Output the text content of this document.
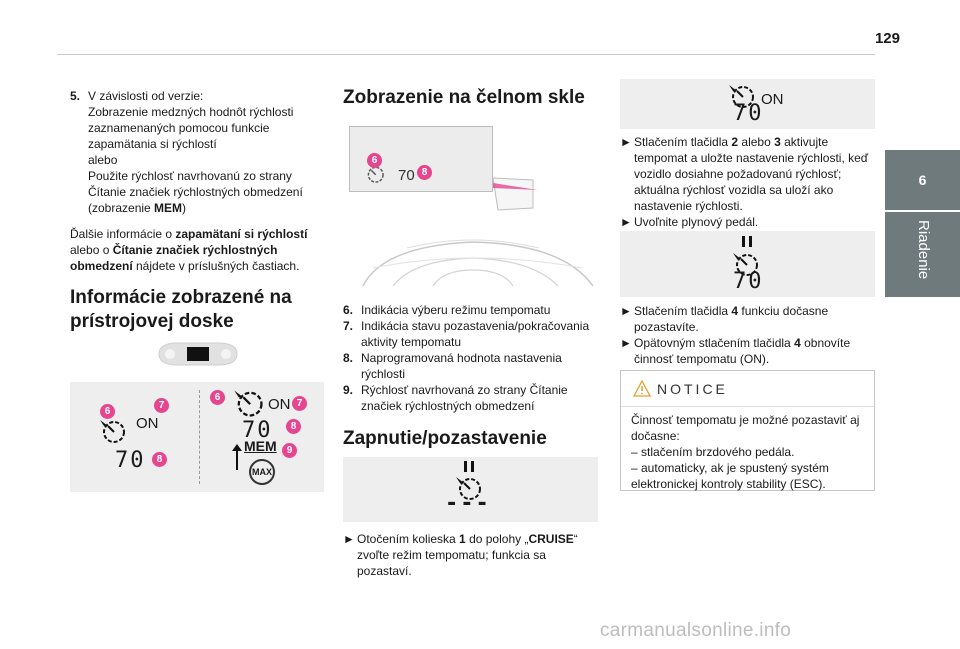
129
6
Riadenie
5. V závislosti od verzie:
Zobrazenie medzných hodnôt rýchlosti
zaznamenaných pomocou funkcie
zapamätania si rýchlostí
alebo
Použite rýchlosť navrhovanú zo strany
Čítanie značiek rýchlostných obmedzení
(zobrazenie MEM)

Ďalšie informácie o zapamätaní si rýchlostí alebo o Čítanie značiek rýchlostných obmedzení nájdete v príslušných častiach.

Informácie zobrazené na prístrojovej doske
ON
70
6
7
8
ON
70
MEM
MAX
6
7
8
9
Zobrazenie na čelnom skle
70
6
8
6. Indikácia výberu režimu tempomatu
7. Indikácia stavu pozastavenia/pokračovania aktivity tempomatu
8. Naprogramovaná hodnota nastavenia rýchlosti
9. Rýchlosť navrhovaná zo strany Čítanie značiek rýchlostných obmedzení
Zapnutie/pozastavenie
---
► Otočením kolieska 1 do polohy „CRUISE“ zvoľte režim tempomatu; funkcia sa pozastaví.
ON
70
► Stlačením tlačidla 2 alebo 3 aktivujte tempomat a uložte nastavenie rýchlosti, keď vozidlo dosiahne požadovanú rýchlosť; aktuálna rýchlosť vozidla sa uloží ako nastavenie rýchlosti.
► Uvoľnite plynový pedál.
70
► Stlačením tlačidla 4 funkciu dočasne pozastavíte.
► Opätovným stlačením tlačidla 4 obnovíte činnosť tempomatu (ON).
NOTICE
Činnosť tempomatu je možné pozastaviť aj dočasne:
– stlačením brzdového pedála.
– automaticky, ak je spustený systém elektronickej kontroly stability (ESC).
carmanualsonline.info
